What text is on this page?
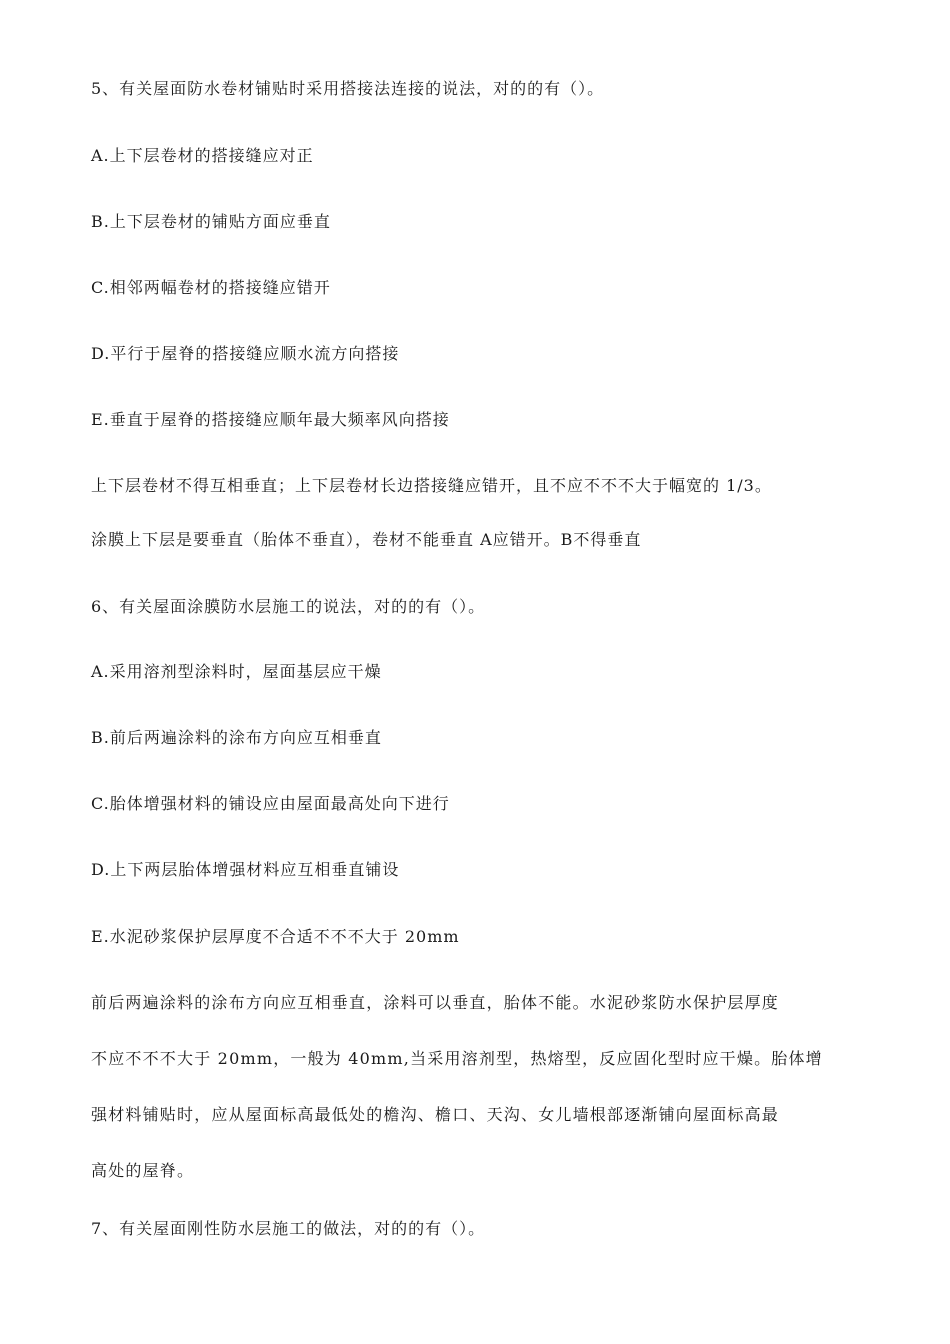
5、有关屋面防水卷材铺贴时采用搭接法连接的说法，对的的有（）。
A.上下层卷材的搭接缝应对正
B.上下层卷材的铺贴方面应垂直
C.相邻两幅卷材的搭接缝应错开
D.平行于屋脊的搭接缝应顺水流方向搭接
E.垂直于屋脊的搭接缝应顺年最大频率风向搭接
上下层卷材不得互相垂直；上下层卷材长边搭接缝应错开，且不应不不不大于幅宽的 1/3。
涂膜上下层是要垂直（胎体不垂直），卷材不能垂直 A应错开。B不得垂直
6、有关屋面涂膜防水层施工的说法，对的的有（）。
A.采用溶剂型涂料时，屋面基层应干燥
B.前后两遍涂料的涂布方向应互相垂直
C.胎体增强材料的铺设应由屋面最高处向下进行
D.上下两层胎体增强材料应互相垂直铺设
E.水泥砂浆保护层厚度不合适不不不大于 20mm
前后两遍涂料的涂布方向应互相垂直，涂料可以垂直，胎体不能。水泥砂浆防水保护层厚度
不应不不不大于 20mm，一般为 40mm,当采用溶剂型，热熔型，反应固化型时应干燥。胎体增
强材料铺贴时，应从屋面标高最低处的檐沟、檐口、天沟、女儿墙根部逐渐铺向屋面标高最
高处的屋脊。
7、有关屋面刚性防水层施工的做法，对的的有（）。
